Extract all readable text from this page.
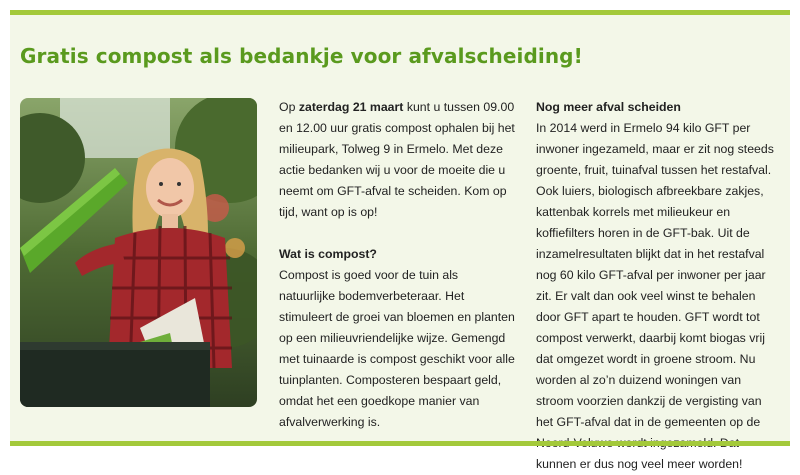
Gratis compost als bedankje voor afvalscheiding!

Op zaterdag 21 maart kunt u tussen 09.00 en 12.00 uur gratis compost ophalen bij het milieupark, Tolweg 9 in Ermelo. Met deze actie bedanken wij u voor de moeite die u neemt om GFT-afval te scheiden. Kom op tijd, want op is op!

Wat is compost?

Compost is goed voor de tuin als natuurlijke bodemverbeteraar. Het stimuleert de groei van bloemen en planten op een milieuvriendelijke wijze. Gemengd met tuinaarde is compost geschikt voor alle tuinplanten. Composteren bespaart geld, omdat het een goedkope manier van afvalverwerking is.

Nog meer afval scheiden

In 2014 werd in Ermelo 94 kilo GFT per inwoner ingezameld, maar er zit nog steeds groente, fruit, tuinafval tussen het restafval. Ook luiers, biologisch afbreekbare zakjes, kattenbak korrels met milieukeur en koffiefilters horen in de GFT-bak. Uit de inzamelresultaten blijkt dat in het restafval nog 60 kilo GFT-afval per inwoner per jaar zit. Er valt dan ook veel winst te behalen door GFT apart te houden. GFT wordt tot compost verwerkt, daarbij komt biogas vrij dat omgezet wordt in groene stroom. Nu worden al zo’n duizend woningen van stroom voorzien dankzij de vergisting van het GFT-afval dat in de gemeenten op de kunnen er dus nog veel meer worden!
